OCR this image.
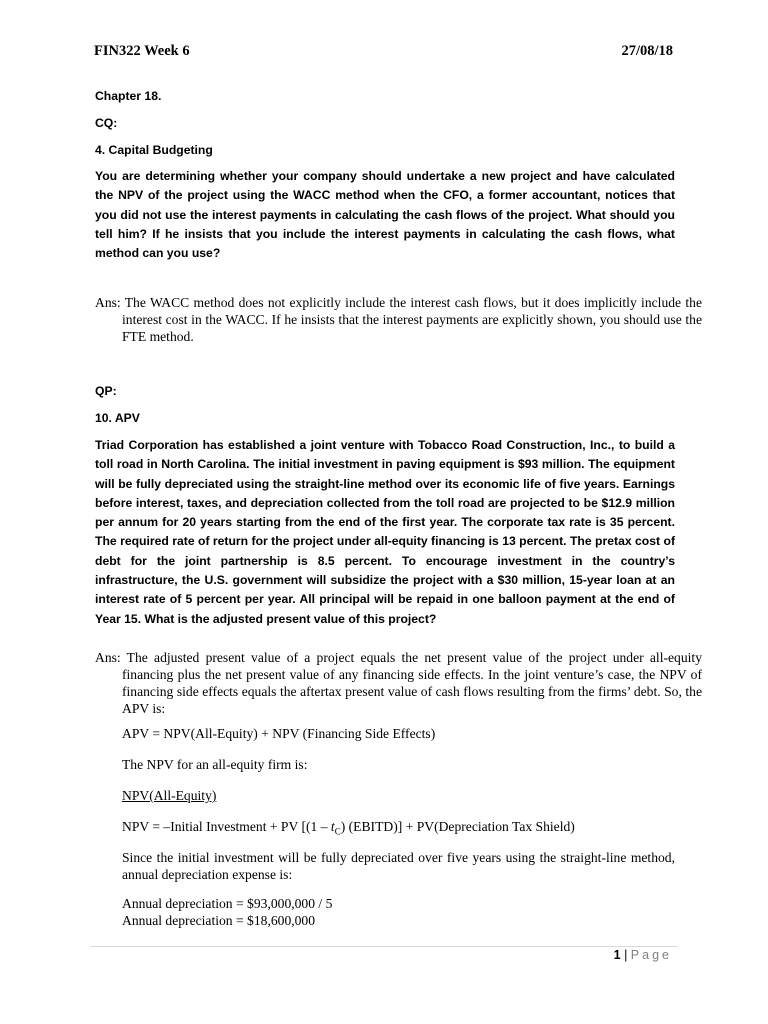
FIN322 Week 6	27/08/18
Chapter 18.
CQ:
4. Capital Budgeting
You are determining whether your company should undertake a new project and have calculated the NPV of the project using the WACC method when the CFO, a former accountant, notices that you did not use the interest payments in calculating the cash flows of the project. What should you tell him? If he insists that you include the interest payments in calculating the cash flows, what method can you use?
Ans: The WACC method does not explicitly include the interest cash flows, but it does implicitly include the interest cost in the WACC. If he insists that the interest payments are explicitly shown, you should use the FTE method.
QP:
10. APV
Triad Corporation has established a joint venture with Tobacco Road Construction, Inc., to build a toll road in North Carolina. The initial investment in paving equipment is $93 million. The equipment will be fully depreciated using the straight-line method over its economic life of five years. Earnings before interest, taxes, and depreciation collected from the toll road are projected to be $12.9 million per annum for 20 years starting from the end of the first year. The corporate tax rate is 35 percent. The required rate of return for the project under all-equity financing is 13 percent. The pretax cost of debt for the joint partnership is 8.5 percent. To encourage investment in the country’s infrastructure, the U.S. government will subsidize the project with a $30 million, 15-year loan at an interest rate of 5 percent per year. All principal will be repaid in one balloon payment at the end of Year 15. What is the adjusted present value of this project?
Ans: The adjusted present value of a project equals the net present value of the project under all-equity financing plus the net present value of any financing side effects. In the joint venture’s case, the NPV of financing side effects equals the aftertax present value of cash flows resulting from the firms’ debt. So, the APV is:
APV = NPV(All-Equity) + NPV (Financing Side Effects)
The NPV for an all-equity firm is:
NPV(All-Equity)
NPV = –Initial Investment + PV [$(1 - t_C)$ (EBITD)] + PV(Depreciation Tax Shield)
Since the initial investment will be fully depreciated over five years using the straight-line method, annual depreciation expense is:
Annual depreciation = $93,000,000 / 5
Annual depreciation = $18,600,000
1 | Page
